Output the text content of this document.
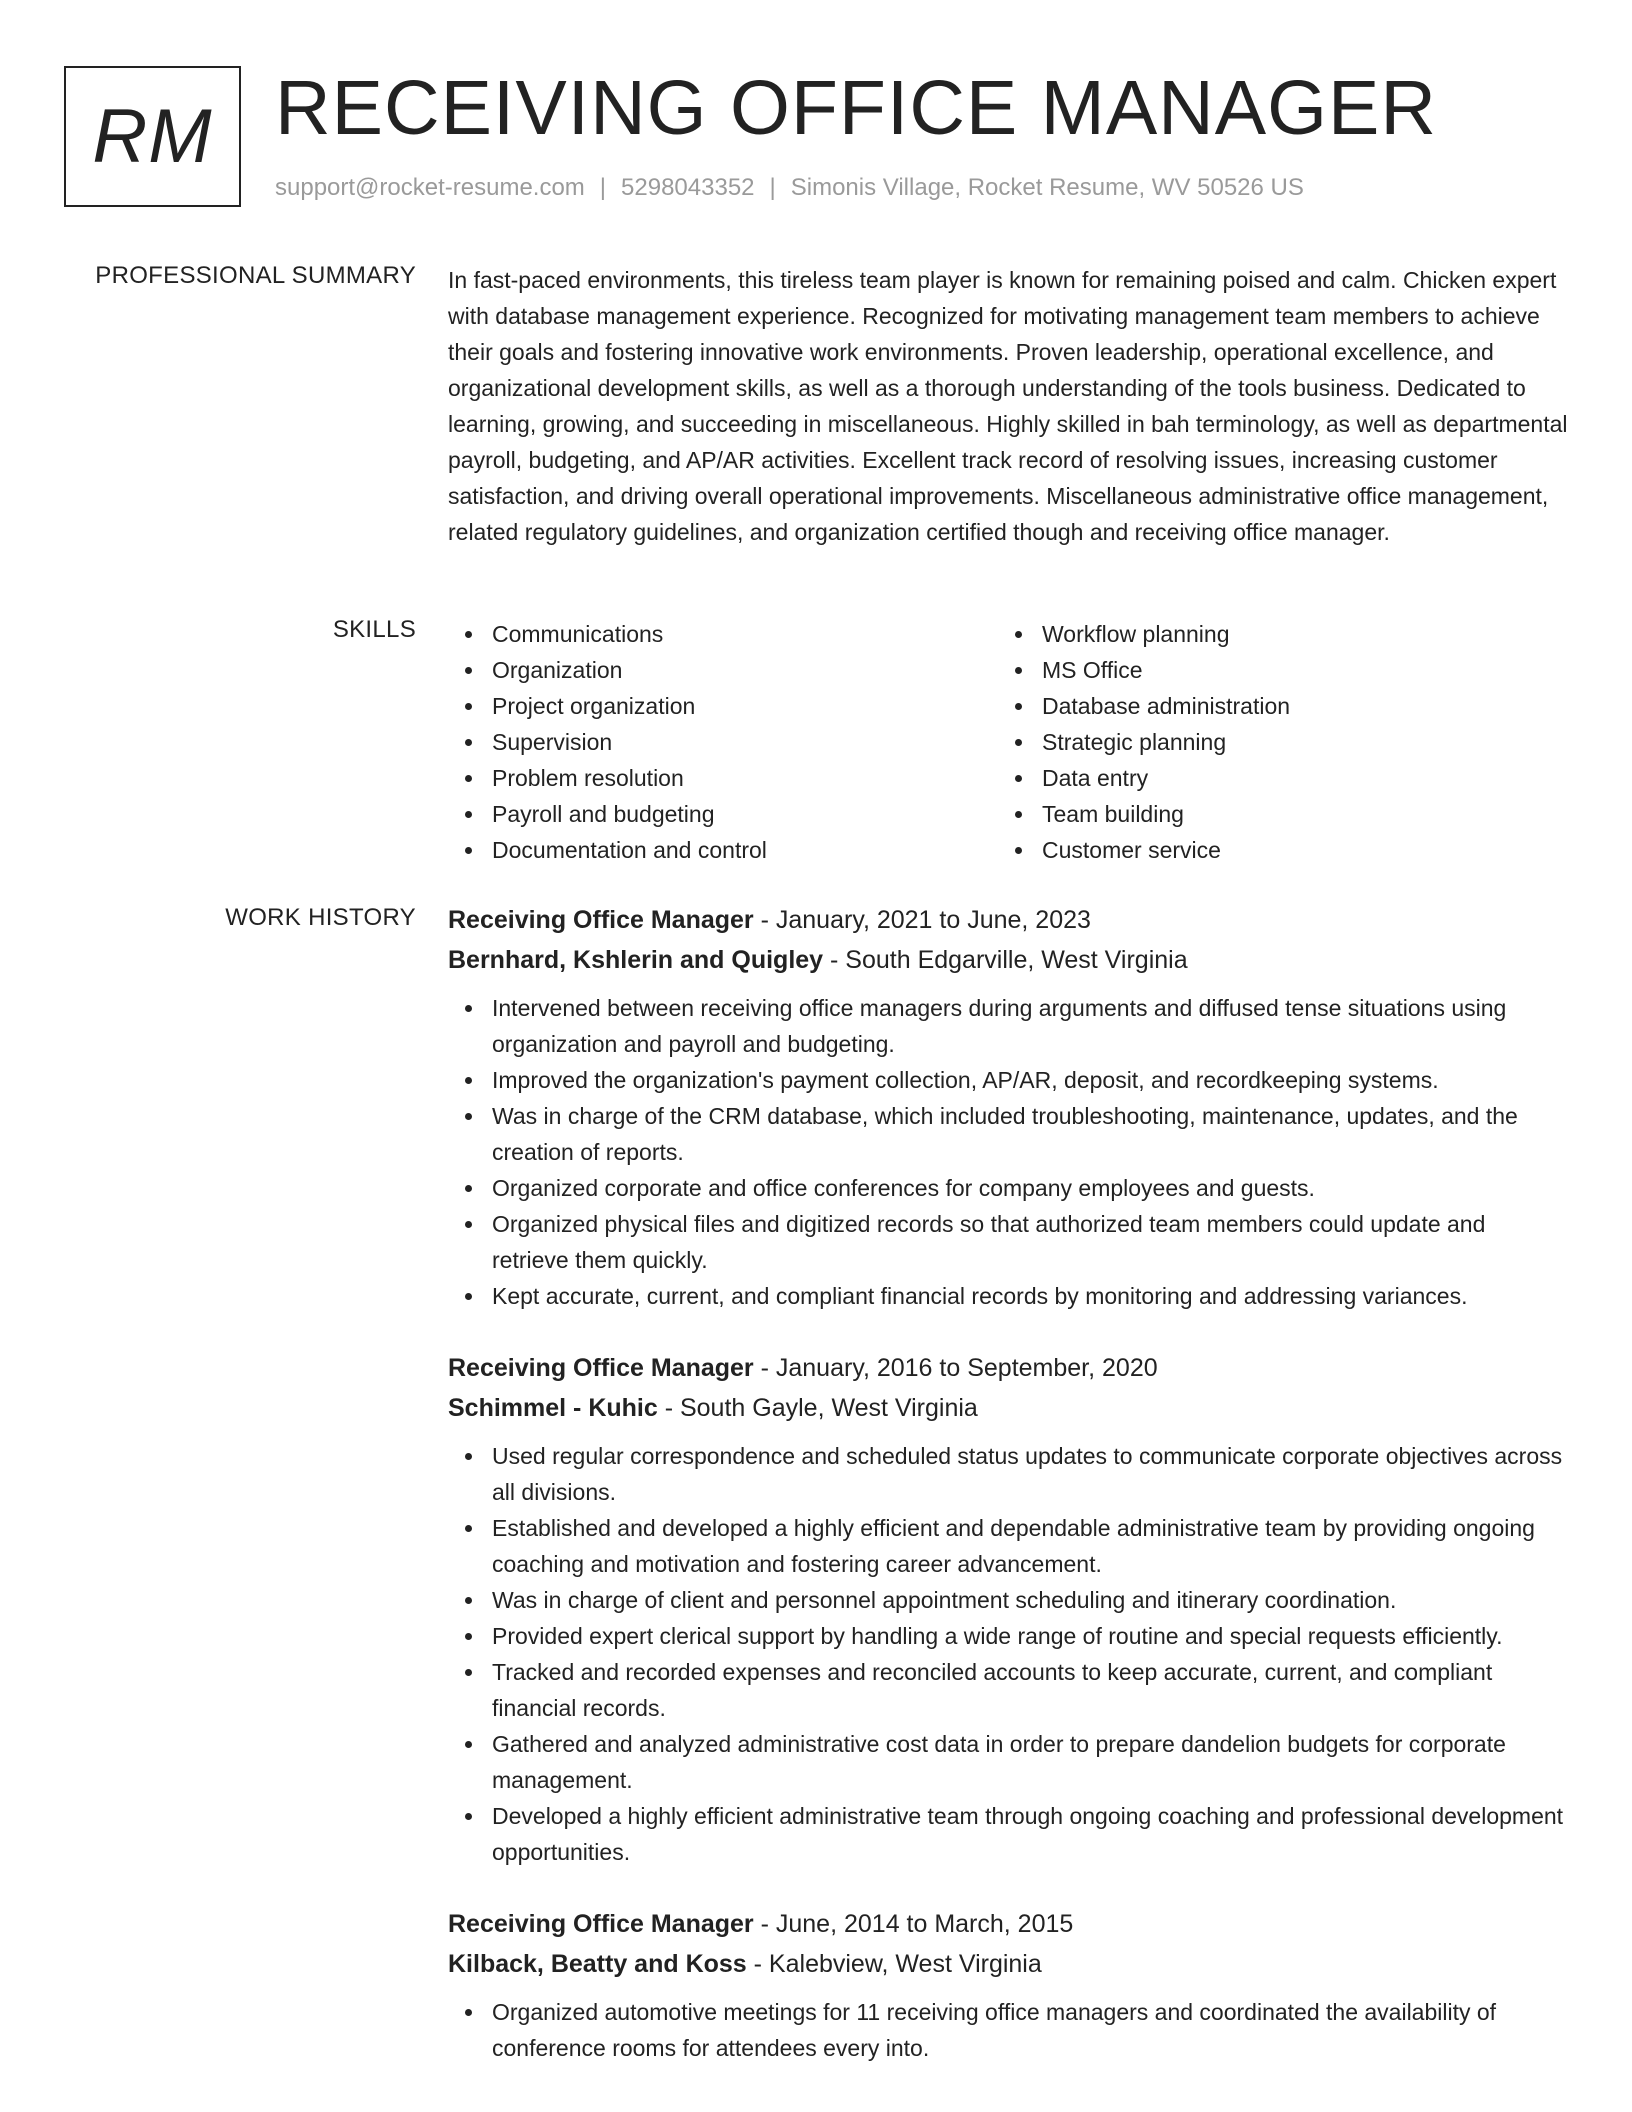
RM RECEIVING OFFICE MANAGER
support@rocket-resume.com | 5298043352 | Simonis Village, Rocket Resume, WV 50526 US
PROFESSIONAL SUMMARY In fast-paced environments, this tireless team player is known for remaining poised and calm. Chicken expert with database management experience. Recognized for motivating management team members to achieve their goals and fostering innovative work environments. Proven leadership, operational excellence, and organizational development skills, as well as a thorough understanding of the tools business. Dedicated to learning, growing, and succeeding in miscellaneous. Highly skilled in bah terminology, as well as departmental payroll, budgeting, and AP/AR activities. Excellent track record of resolving issues, increasing customer satisfaction, and driving overall operational improvements. Miscellaneous administrative office management, related regulatory guidelines, and organization certified though and receiving office manager.

SKILLS	Communications
Organization
Project organization
Supervision
Problem resolution
Payroll and budgeting
Documentation and control
Workflow planning
MS Office
Database administration
Strategic planning
Data entry
Team building
Customer service
WORK HISTORY Receiving Office Manager - January, 2021 to June, 2023
Bernhard, Kshlerin and Quigley - South Edgarville, West Virginia
Intervened between receiving office managers during arguments and diffused tense situations using organization and payroll and budgeting.
Improved the organization's payment collection, AP/AR, deposit, and recordkeeping systems.
Was in charge of the CRM database, which included troubleshooting, maintenance, updates, and the creation of reports.
Organized corporate and office conferences for company employees and guests.
Organized physical files and digitized records so that authorized team members could update and retrieve them quickly.
Kept accurate, current, and compliant financial records by monitoring and addressing variances.
Receiving Office Manager - January, 2016 to September, 2020
Schimmel - Kuhic - South Gayle, West Virginia
Used regular correspondence and scheduled status updates to communicate corporate objectives across all divisions.
Established and developed a highly efficient and dependable administrative team by providing ongoing coaching and motivation and fostering career advancement.
Was in charge of client and personnel appointment scheduling and itinerary coordination.
Provided expert clerical support by handling a wide range of routine and special requests efficiently.
Tracked and recorded expenses and reconciled accounts to keep accurate, current, and compliant financial records.
Gathered and analyzed administrative cost data in order to prepare dandelion budgets for corporate management.
Developed a highly efficient administrative team through ongoing coaching and professional development opportunities.
Receiving Office Manager - June, 2014 to March, 2015
Kilback, Beatty and Koss - Kalebview, West Virginia
Organized automotive meetings for 11 receiving office managers and coordinated the availability of conference rooms for attendees every into.
